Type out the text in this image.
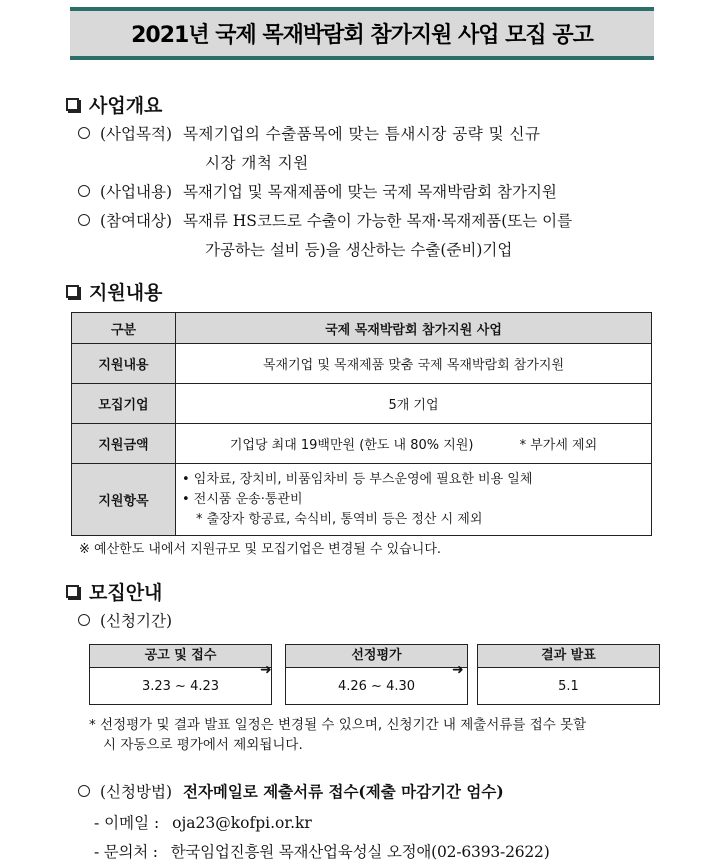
2021년 국제 목재박람회 참가지원 사업 모집 공고
사업개요
(사업목적) 목제기업의 수출품목에 맞는 틈새시장 공략 및 신규
시장 개척 지원
(사업내용) 목재기업 및 목재제품에 맞는 국제 목재박람회 참가지원
(참여대상) 목재류 HS코드로 수출이 가능한 목재·목재제품(또는 이를
가공하는 설비 등)을 생산하는 수출(준비)기업
지원내용
구분	국제 목재박람회 참가지원 사업
지원내용	목재기업 및 목재제품 맞춤 국제 목재박람회 참가지원
모집기업	5개 기업
지원금액	기업당 최대 19백만원 (한도 내 80% 지원) * 부가세 제외
지원항목	• 임차료, 장치비, 비품임차비 등 부스운영에 필요한 비용 일체
• 전시품 운송·통관비
* 출장자 항공료, 숙식비, 통역비 등은 정산 시 제외
※ 예산한도 내에서 지원규모 및 모집기업은 변경될 수 있습니다.
모집안내
(신청기간)
공고 및 접수
3.23 ~ 4.23
➜
선정평가
4.26 ~ 4.30
➜
결과 발표
5.1
* 선정평가 및 결과 발표 일정은 변경될 수 있으며, 신청기간 내 제출서류를 접수 못할
시 자동으로 평가에서 제외됩니다.
(신청방법) 전자메일로 제출서류 접수(제출 마감기간 엄수)
- 이메일 : oja23@kofpi.or.kr
- 문의처 : 한국임업진흥원 목재산업육성실 오정애(02-6393-2622)
